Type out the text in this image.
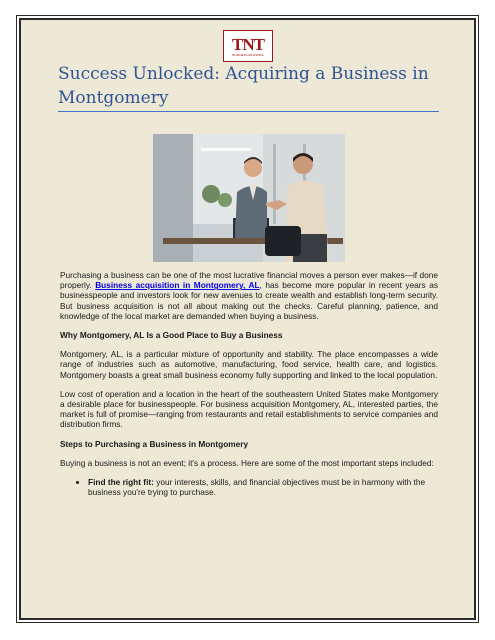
TNT
BUSINESS ADVISORS
Success Unlocked: Acquiring a Business in Montgomery

Purchasing a business can be one of the most lucrative financial moves a person ever makes—if done properly. Business acquisition in Montgomery, AL, has become more popular in recent years as businesspeople and investors look for new avenues to create wealth and establish long-term security. But business acquisition is not all about making out the checks. Careful planning, patience, and knowledge of the local market are demanded when buying a business.

Why Montgomery, AL Is a Good Place to Buy a Business

Montgomery, AL, is a particular mixture of opportunity and stability. The place encompasses a wide range of industries such as automotive, manufacturing, food service, health care, and logistics. Montgomery boasts a great small business economy fully supporting and linked to the local population.

Low cost of operation and a location in the heart of the southeastern United States make Montgomery a desirable place for businesspeople. For business acquisition Montgomery, AL, interested parties, the market is full of promise—ranging from restaurants and retail establishments to service companies and distribution firms.

Steps to Purchasing a Business in Montgomery

Buying a business is not an event; it's a process. Here are some of the most important steps included:

• Find the right fit: your interests, skills, and financial objectives must be in harmony with the business you're trying to purchase.
